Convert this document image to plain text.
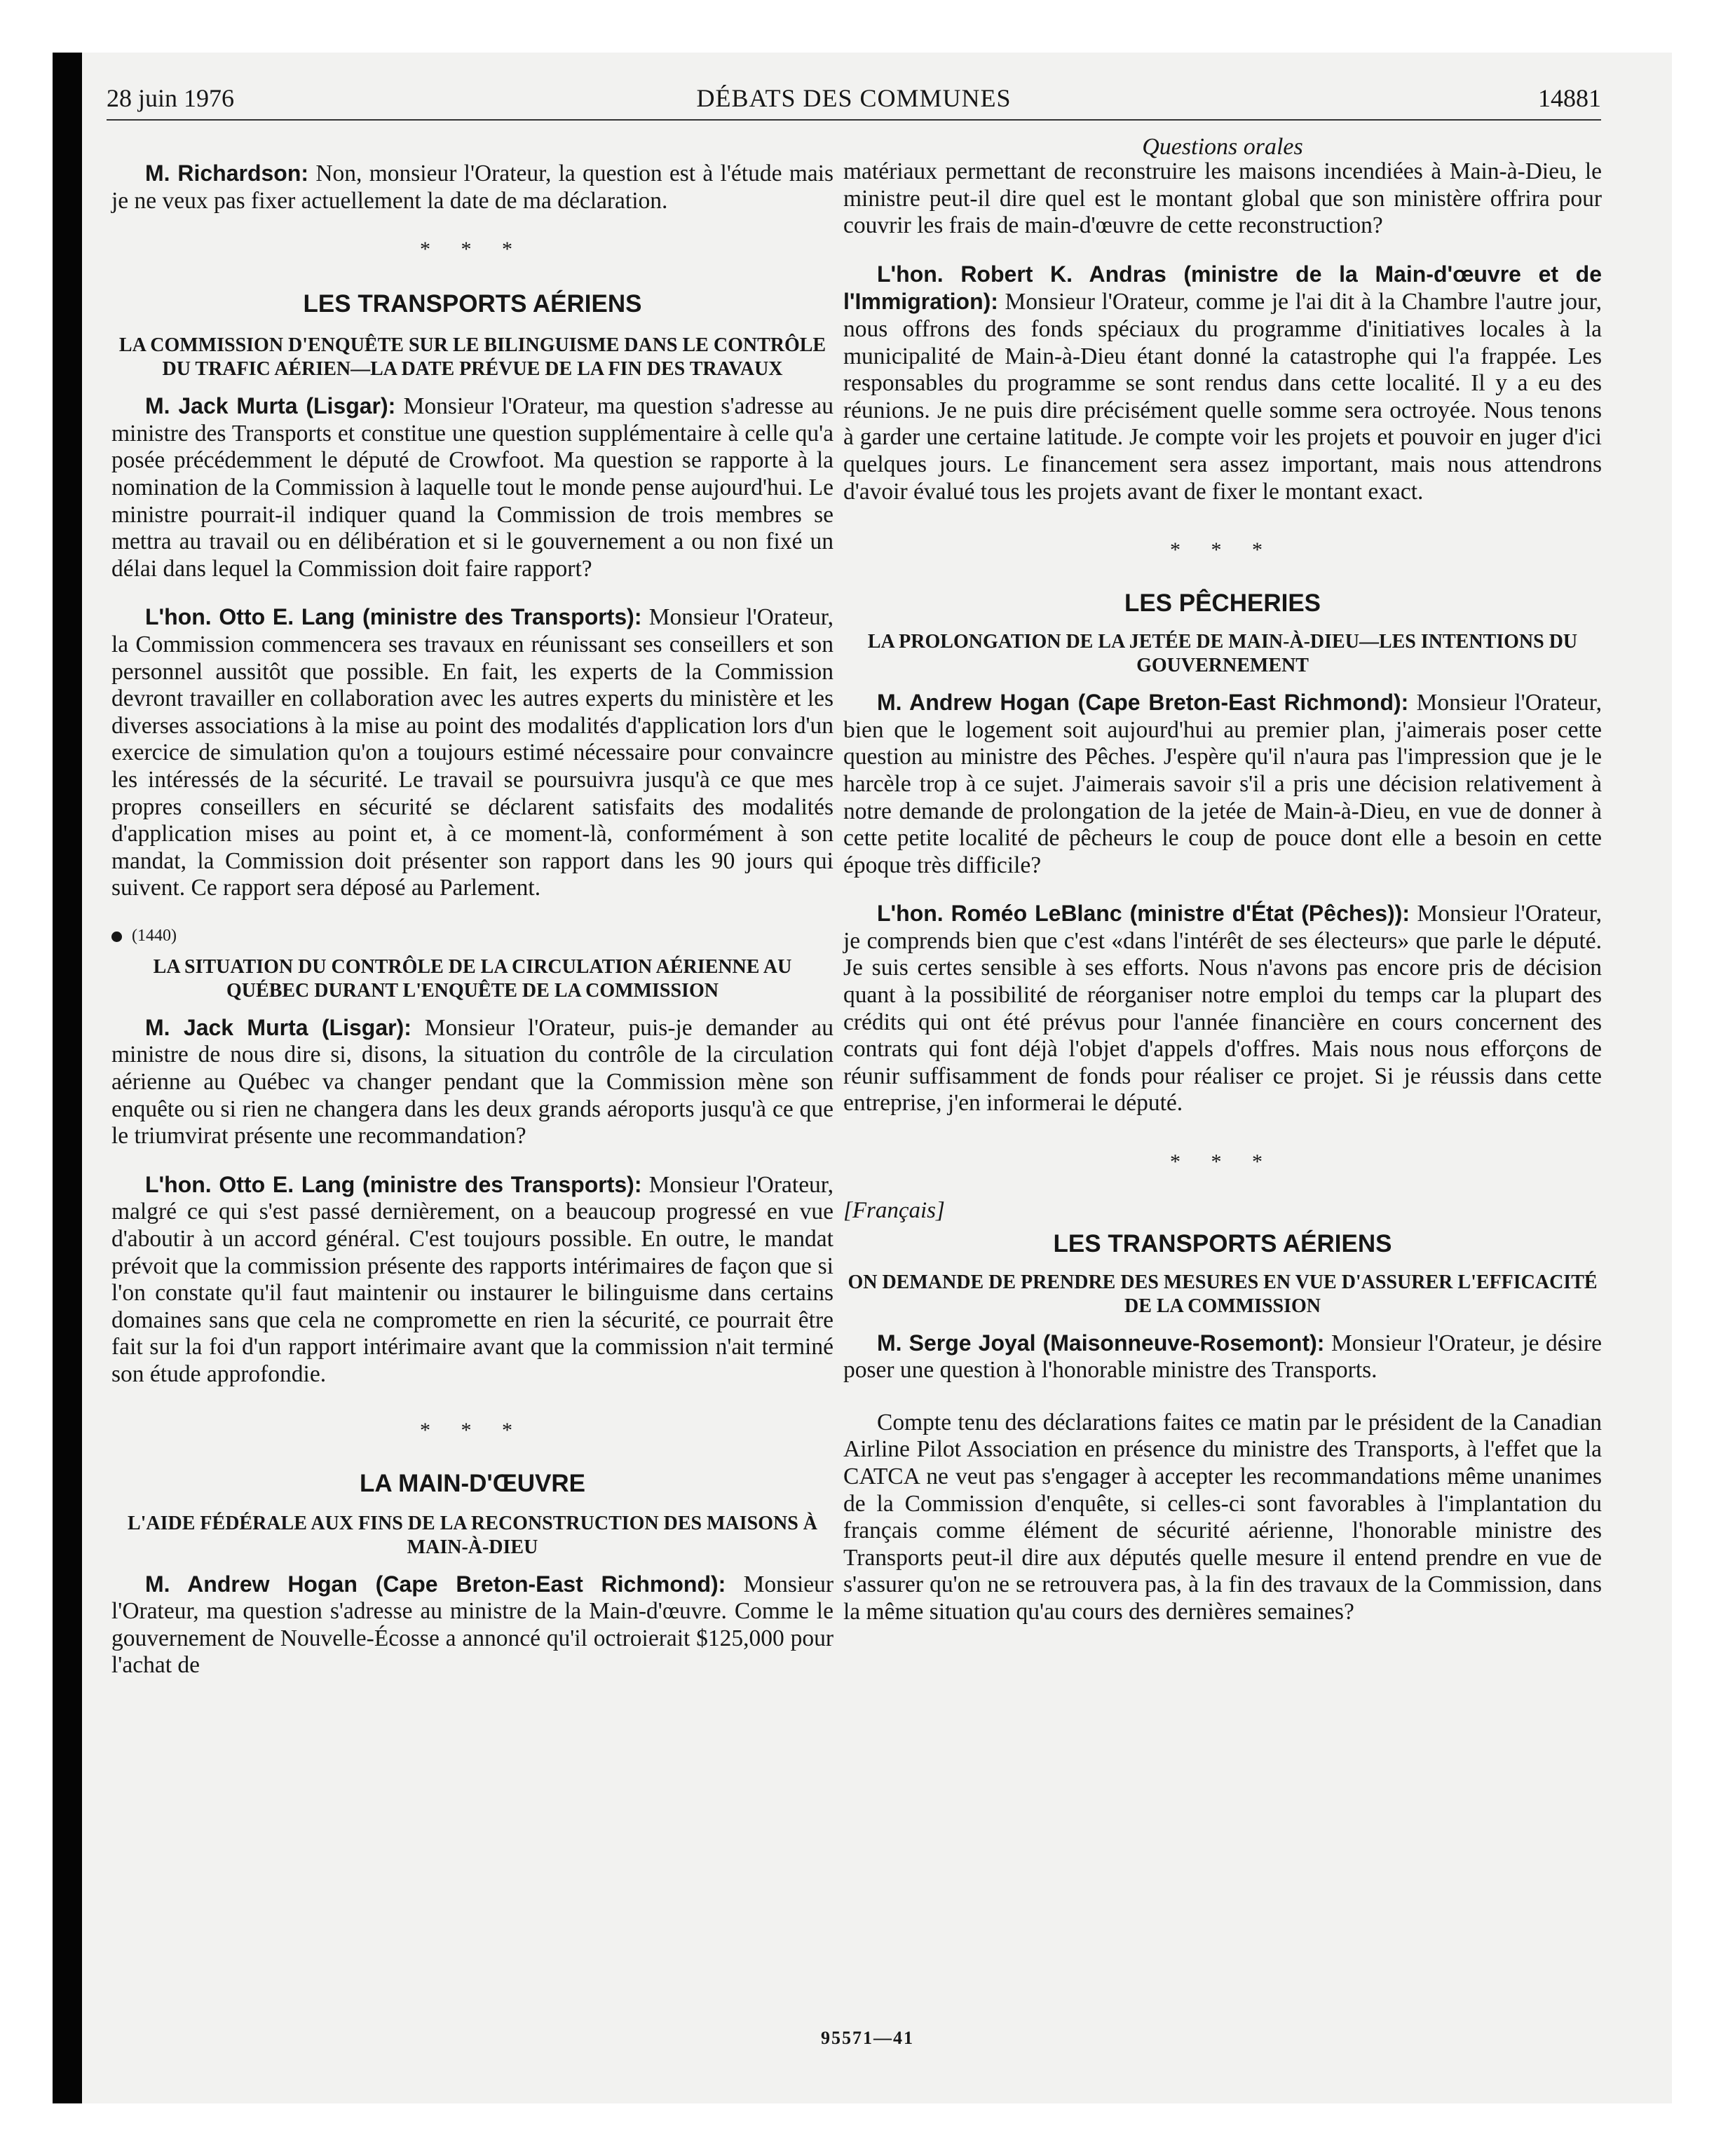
28 juin 1976	DÉBATS DES COMMUNES	14881
Questions orales

M. Richardson: Non, monsieur l'Orateur, la question est à l'étude mais je ne veux pas fixer actuellement la date de ma déclaration.

* * *
LES TRANSPORTS AÉRIENS
LA COMMISSION D'ENQUÊTE SUR LE BILINGUISME DANS LE CONTRÔLE DU TRAFIC AÉRIEN—LA DATE PRÉVUE DE LA FIN DES TRAVAUX

M. Jack Murta (Lisgar): Monsieur l'Orateur, ma question s'adresse au ministre des Transports et constitue une question supplémentaire à celle qu'a posée précédemment le député de Crowfoot. Ma question se rapporte à la nomination de la Commission à laquelle tout le monde pense aujourd'hui. Le ministre pourrait-il indiquer quand la Commission de trois membres se mettra au travail ou en délibération et si le gouvernement a ou non fixé un délai dans lequel la Commission doit faire rapport?

L'hon. Otto E. Lang (ministre des Transports): Monsieur l'Orateur, la Commission commencera ses travaux en réunissant ses conseillers et son personnel aussitôt que possible. En fait, les experts de la Commission devront travailler en collaboration avec les autres experts du ministère et les diverses associations à la mise au point des modalités d'application lors d'un exercice de simulation qu'on a toujours estimé nécessaire pour convaincre les intéressés de la sécurité. Le travail se poursuivra jusqu'à ce que mes propres conseillers en sécurité se déclarent satisfaits des modalités d'application mises au point et, à ce moment-là, conformément à son mandat, la Commission doit présenter son rapport dans les 90 jours qui suivent. Ce rapport sera déposé au Parlement.

(1440)
LA SITUATION DU CONTRÔLE DE LA CIRCULATION AÉRIENNE AU QUÉBEC DURANT L'ENQUÊTE DE LA COMMISSION

M. Jack Murta (Lisgar): Monsieur l'Orateur, puis-je demander au ministre de nous dire si, disons, la situation du contrôle de la circulation aérienne au Québec va changer pendant que la Commission mène son enquête ou si rien ne changera dans les deux grands aéroports jusqu'à ce que le triumvirat présente une recommandation?

L'hon. Otto E. Lang (ministre des Transports): Monsieur l'Orateur, malgré ce qui s'est passé dernièrement, on a beaucoup progressé en vue d'aboutir à un accord général. C'est toujours possible. En outre, le mandat prévoit que la commission présente des rapports intérimaires de façon que si l'on constate qu'il faut maintenir ou instaurer le bilinguisme dans certains domaines sans que cela ne compromette en rien la sécurité, ce pourrait être fait sur la foi d'un rapport intérimaire avant que la commission n'ait terminé son étude approfondie.

* * *
LA MAIN-D'ŒUVRE
L'AIDE FÉDÉRALE AUX FINS DE LA RECONSTRUCTION DES MAISONS À MAIN-À-DIEU

M. Andrew Hogan (Cape Breton-East Richmond): Monsieur l'Orateur, ma question s'adresse au ministre de la Main-d'œuvre. Comme le gouvernement de Nouvelle-Écosse a annoncé qu'il octroierait $125,000 pour l'achat de

matériaux permettant de reconstruire les maisons incendiées à Main-à-Dieu, le ministre peut-il dire quel est le montant global que son ministère offrira pour couvrir les frais de main-d'œuvre de cette reconstruction?

L'hon. Robert K. Andras (ministre de la Main-d'œuvre et de l'Immigration): Monsieur l'Orateur, comme je l'ai dit à la Chambre l'autre jour, nous offrons des fonds spéciaux du programme d'initiatives locales à la municipalité de Main-à-Dieu étant donné la catastrophe qui l'a frappée. Les responsables du programme se sont rendus dans cette localité. Il y a eu des réunions. Je ne puis dire précisément quelle somme sera octroyée. Nous tenons à garder une certaine latitude. Je compte voir les projets et pouvoir en juger d'ici quelques jours. Le financement sera assez important, mais nous attendrons d'avoir évalué tous les projets avant de fixer le montant exact.

* * *
LES PÊCHERIES
LA PROLONGATION DE LA JETÉE DE MAIN-À-DIEU—LES INTENTIONS DU GOUVERNEMENT

M. Andrew Hogan (Cape Breton-East Richmond): Monsieur l'Orateur, bien que le logement soit aujourd'hui au premier plan, j'aimerais poser cette question au ministre des Pêches. J'espère qu'il n'aura pas l'impression que je le harcèle trop à ce sujet. J'aimerais savoir s'il a pris une décision relativement à notre demande de prolongation de la jetée de Main-à-Dieu, en vue de donner à cette petite localité de pêcheurs le coup de pouce dont elle a besoin en cette époque très difficile?

L'hon. Roméo LeBlanc (ministre d'État (Pêches)): Monsieur l'Orateur, je comprends bien que c'est «dans l'intérêt de ses électeurs» que parle le député. Je suis certes sensible à ses efforts. Nous n'avons pas encore pris de décision quant à la possibilité de réorganiser notre emploi du temps car la plupart des crédits qui ont été prévus pour l'année financière en cours concernent des contrats qui font déjà l'objet d'appels d'offres. Mais nous nous efforçons de réunir suffisamment de fonds pour réaliser ce projet. Si je réussis dans cette entreprise, j'en informerai le député.

* * *
[Français]
LES TRANSPORTS AÉRIENS
ON DEMANDE DE PRENDRE DES MESURES EN VUE D'ASSURER L'EFFICACITÉ DE LA COMMISSION

M. Serge Joyal (Maisonneuve-Rosemont): Monsieur l'Orateur, je désire poser une question à l'honorable ministre des Transports.

Compte tenu des déclarations faites ce matin par le président de la Canadian Airline Pilot Association en présence du ministre des Transports, à l'effet que la CATCA ne veut pas s'engager à accepter les recommandations même unanimes de la Commission d'enquête, si celles-ci sont favorables à l'implantation du français comme élément de sécurité aérienne, l'honorable ministre des Transports peut-il dire aux députés quelle mesure il entend prendre en vue de s'assurer qu'on ne se retrouvera pas, à la fin des travaux de la Commission, dans la même situation qu'au cours des dernières semaines?

95571—41
